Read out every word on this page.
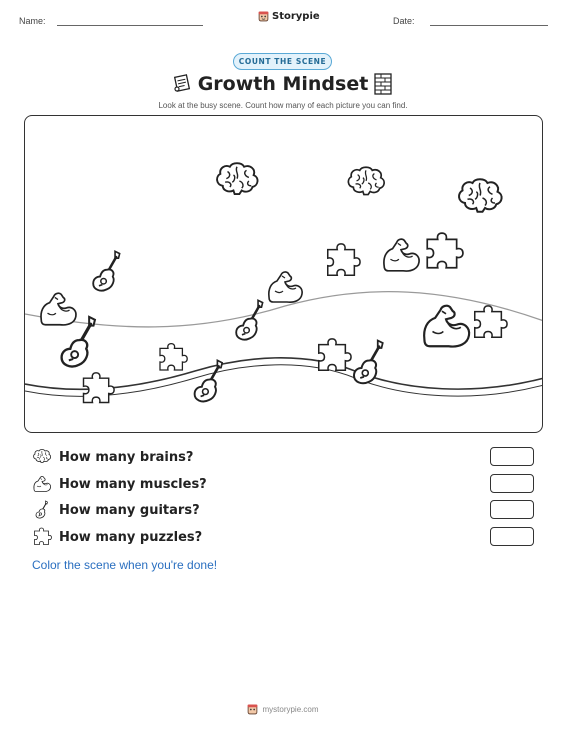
Name:	Storypie	Date:
COUNT THE SCENE
Growth Mindset
Look at the busy scene. Count how many of each picture you can find.
How many brains?
How many muscles?
How many guitars?
How many puzzles?
Color the scene when you're done!
mystorypie.com
